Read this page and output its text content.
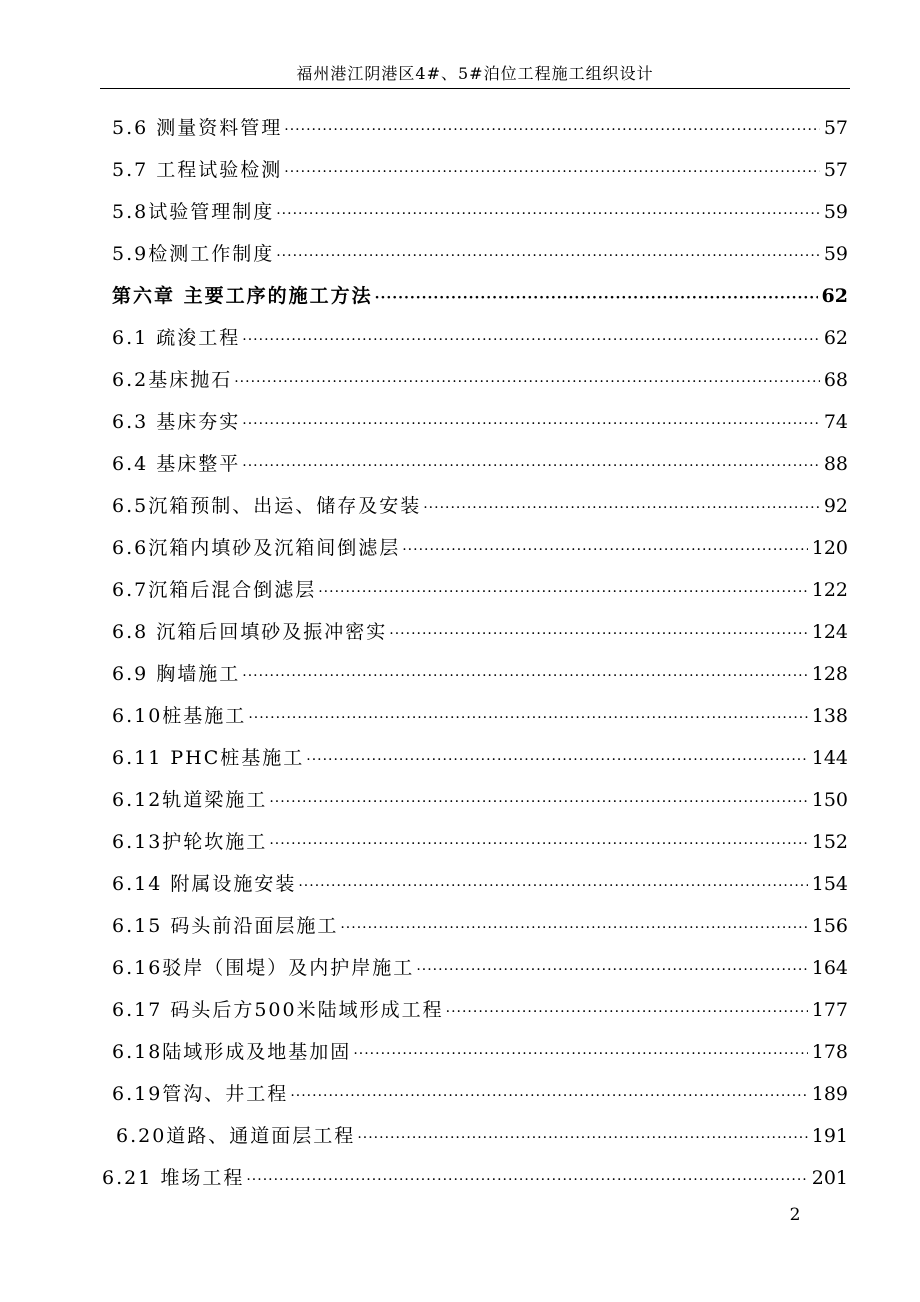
福州港江阴港区4#、5#泊位工程施工组织设计
5.6 测量资料管理 ·····	57
5.7 工程试验检测 ·····	57
5.8试验管理制度 ·····	59
5.9检测工作制度 ·····	59
第六章 主要工序的施工方法 ·····	62
6.1 疏浚工程 ·····	62
6.2基床抛石 ·····	68
6.3 基床夯实 ·····	74
6.4 基床整平 ·····	88
6.5沉箱预制、出运、储存及安装 ·····	92
6.6沉箱内填砂及沉箱间倒滤层 ·····	120
6.7沉箱后混合倒滤层 ·····	122
6.8 沉箱后回填砂及振冲密实 ·····	124
6.9 胸墙施工 ·····	128
6.10桩基施工 ·····	138
6.11 PHC桩基施工 ·····	144
6.12轨道梁施工 ·····	150
6.13护轮坎施工 ·····	152
6.14 附属设施安装 ·····	154
6.15 码头前沿面层施工 ·····	156
6.16驳岸（围堤）及内护岸施工 ·····	164
6.17 码头后方500米陆域形成工程 ·····	177
6.18陆域形成及地基加固 ·····	178
6.19管沟、井工程 ·····	189
6.20道路、通道面层工程 ·····	191
6.21 堆场工程 ·····	201
2
